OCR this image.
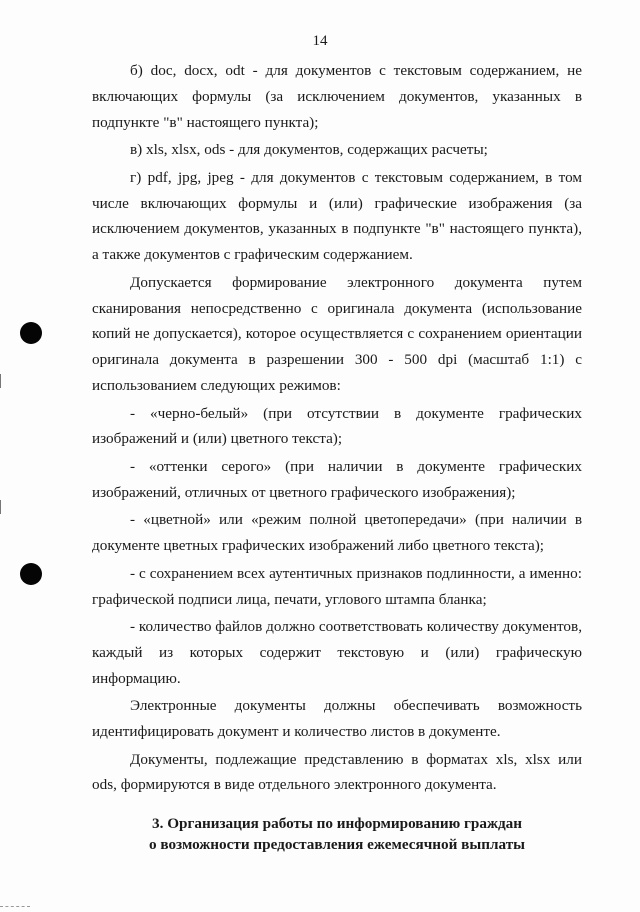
14

б) doc, docx, odt - для документов с текстовым содержанием, не включающих формулы (за исключением документов, указанных в подпункте "в" настоящего пункта);

в) xls, xlsx, ods - для документов, содержащих расчеты;

г) pdf, jpg, jpeg - для документов с текстовым содержанием, в том числе включающих формулы и (или) графические изображения (за исключением документов, указанных в подпункте "в" настоящего пункта), а также документов с графическим содержанием.

Допускается формирование электронного документа путем сканирования непосредственно с оригинала документа (использование копий не допускается), которое осуществляется с сохранением ориентации оригинала документа в разрешении 300 - 500 dpi (масштаб 1:1) с использованием следующих режимов:

- «черно-белый» (при отсутствии в документе графических изображений и (или) цветного текста);

- «оттенки серого» (при наличии в документе графических изображений, отличных от цветного графического изображения);

- «цветной» или «режим полной цветопередачи» (при наличии в документе цветных графических изображений либо цветного текста);

- с сохранением всех аутентичных признаков подлинности, а именно: графической подписи лица, печати, углового штампа бланка;

- количество файлов должно соответствовать количеству документов, каждый из которых содержит текстовую и (или) графическую информацию.

Электронные документы должны обеспечивать возможность идентифицировать документ и количество листов в документе.

Документы, подлежащие представлению в форматах xls, xlsx или ods, формируются в виде отдельного электронного документа.

3. Организация работы по информированию граждан
о возможности предоставления ежемесячной выплаты
